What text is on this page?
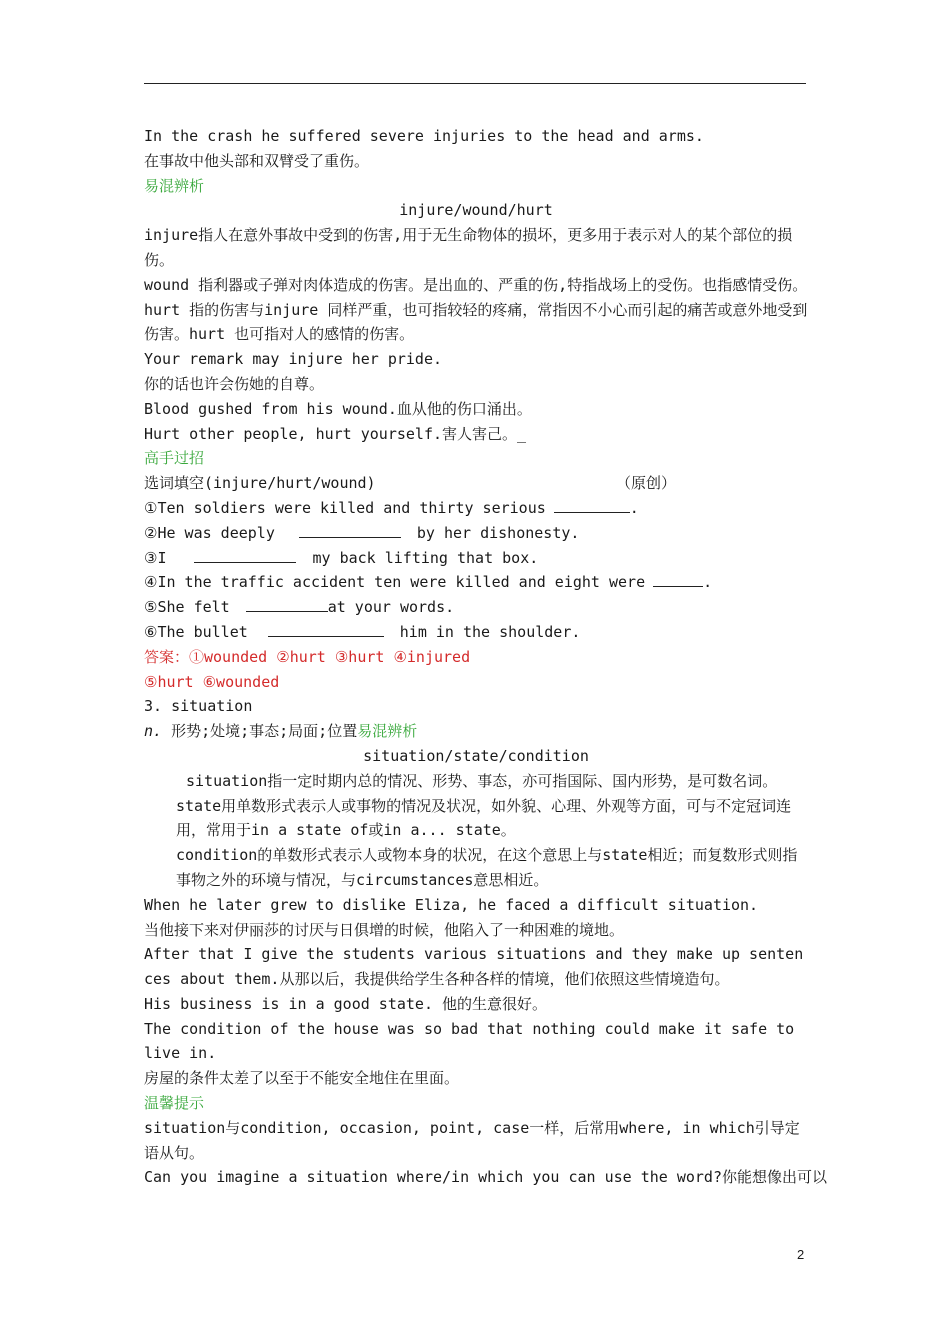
In the crash he suffered severe injuries to the head and arms.
在事故中他头部和双臂受了重伤。
易混辨析
injure/wound/hurt
injure指人在意外事故中受到的伤害,用于无生命物体的损坏，更多用于表示对人的某个部位的损伤。
wound 指利器或子弹对肉体造成的伤害。是出血的、严重的伤,特指战场上的受伤。也指感情受伤。
hurt 指的伤害与injure 同样严重，也可指较轻的疼痛，常指因不小心而引起的痛苦或意外地受到伤害。hurt 也可指对人的感情的伤害。
Your remark may injure her pride.
你的话也许会伤她的自尊。
Blood gushed from his wound.血从他的伤口涌出。
Hurt other people, hurt yourself.害人害己。_
高手过招
选词填空(injure/hurt/wound)	（原创）
①Ten soldiers were killed and thirty serious	.
②He was deeply	by her dishonesty.
③I	my back lifting that box.
④In the traffic accident ten were killed and eight were	.
⑤She felt	at your words.
⑥The bullet	him in the shoulder.
答案：①wounded ②hurt ③hurt ④injured
⑤hurt ⑥wounded
3. situation
n. 形势;处境;事态;局面;位置易混辨析
situation/state/condition
situation指一定时期内总的情况、形势、事态，亦可指国际、国内形势，是可数名词。
state用单数形式表示人或事物的情况及状况，如外貌、心理、外观等方面，可与不定冠词连用，常用于in a state of或in a... state。
condition的单数形式表示人或物本身的状况，在这个意思上与state相近；而复数形式则指事物之外的环境与情况，与circumstances意思相近。
When he later grew to dislike Eliza, he faced a difficult situation.
当他接下来对伊丽莎的讨厌与日俱增的时候，他陷入了一种困难的境地。
After that I give the students various situations and they make up sentences about them.从那以后，我提供给学生各种各样的情境，他们依照这些情境造句。
His business is in a good state. 他的生意很好。
The condition of the house was so bad that nothing could make it safe to live in.
房屋的条件太差了以至于不能安全地住在里面。
温馨提示
situation与condition, occasion, point, case一样，后常用where, in which引导定语从句。
Can you imagine a situation where/in which you can use the word?你能想像出可以
2
